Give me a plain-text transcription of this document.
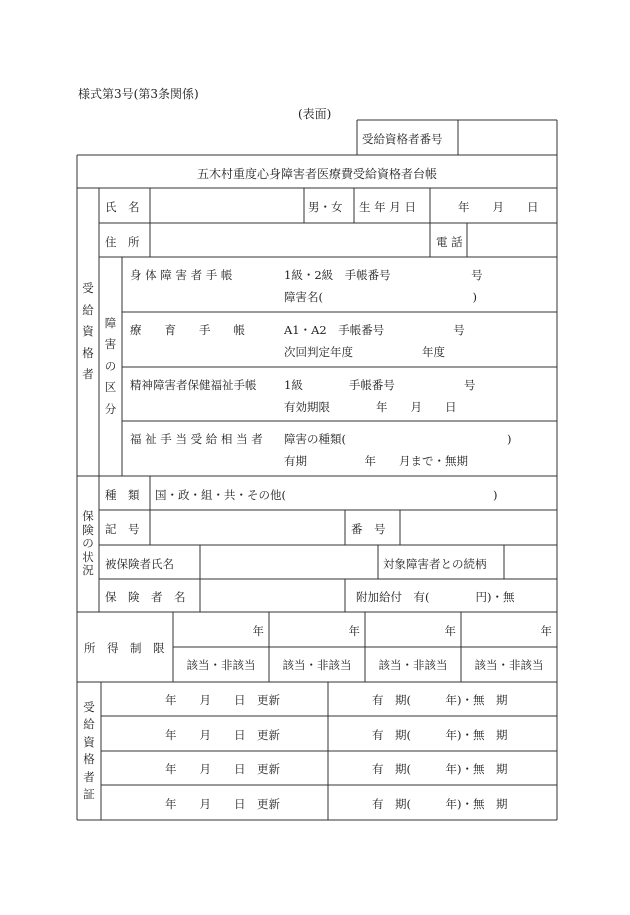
様式第3号(第3条関係)
(表面)
受給資格者番号
五木村重度心身障害者医療費受給資格者台帳
受
給
資
格
者
氏　名	男・女 生 年 月 日	年　　月　　日
住　所	電 話
障
害
の
区
分
身 体 障 害 者 手 帳	1級・2級　手帳番号　　　　　　　号
障害名(　　　　　　　　　　　　　)
療　　育　　手　　帳	A1・A2　手帳番号　　　　　　号
次回判定年度　　　　　　年度
精神障害者保健福祉手帳 1級　　　　手帳番号　　　　　　号
有効期限　　　　年　　月　　日
福 祉 手 当 受 給 相 当 者 障害の種類(　　　　　　　　　　　　　　)
有期　　　　　年　　月まで・無期
保
険
の
状
況
種　類 国・政・組・共・その他(　　　　　　　　　　　　　　　　　　)
記　号	番　号
被保険者氏名	対象障害者との続柄
保　険　者　名	附加給付　有(　　　　円)・無
所　得　制　限
年	年	年	年
該当・非該当	該当・非該当	該当・非該当	該当・非該当
受
給
資
格
者
証
年　　月　　日　更新	有　期(　　　年)・無　期
年　　月　　日　更新	有　期(　　　年)・無　期
年　　月　　日　更新	有　期(　　　年)・無　期
年　　月　　日　更新	有　期(　　　年)・無　期
